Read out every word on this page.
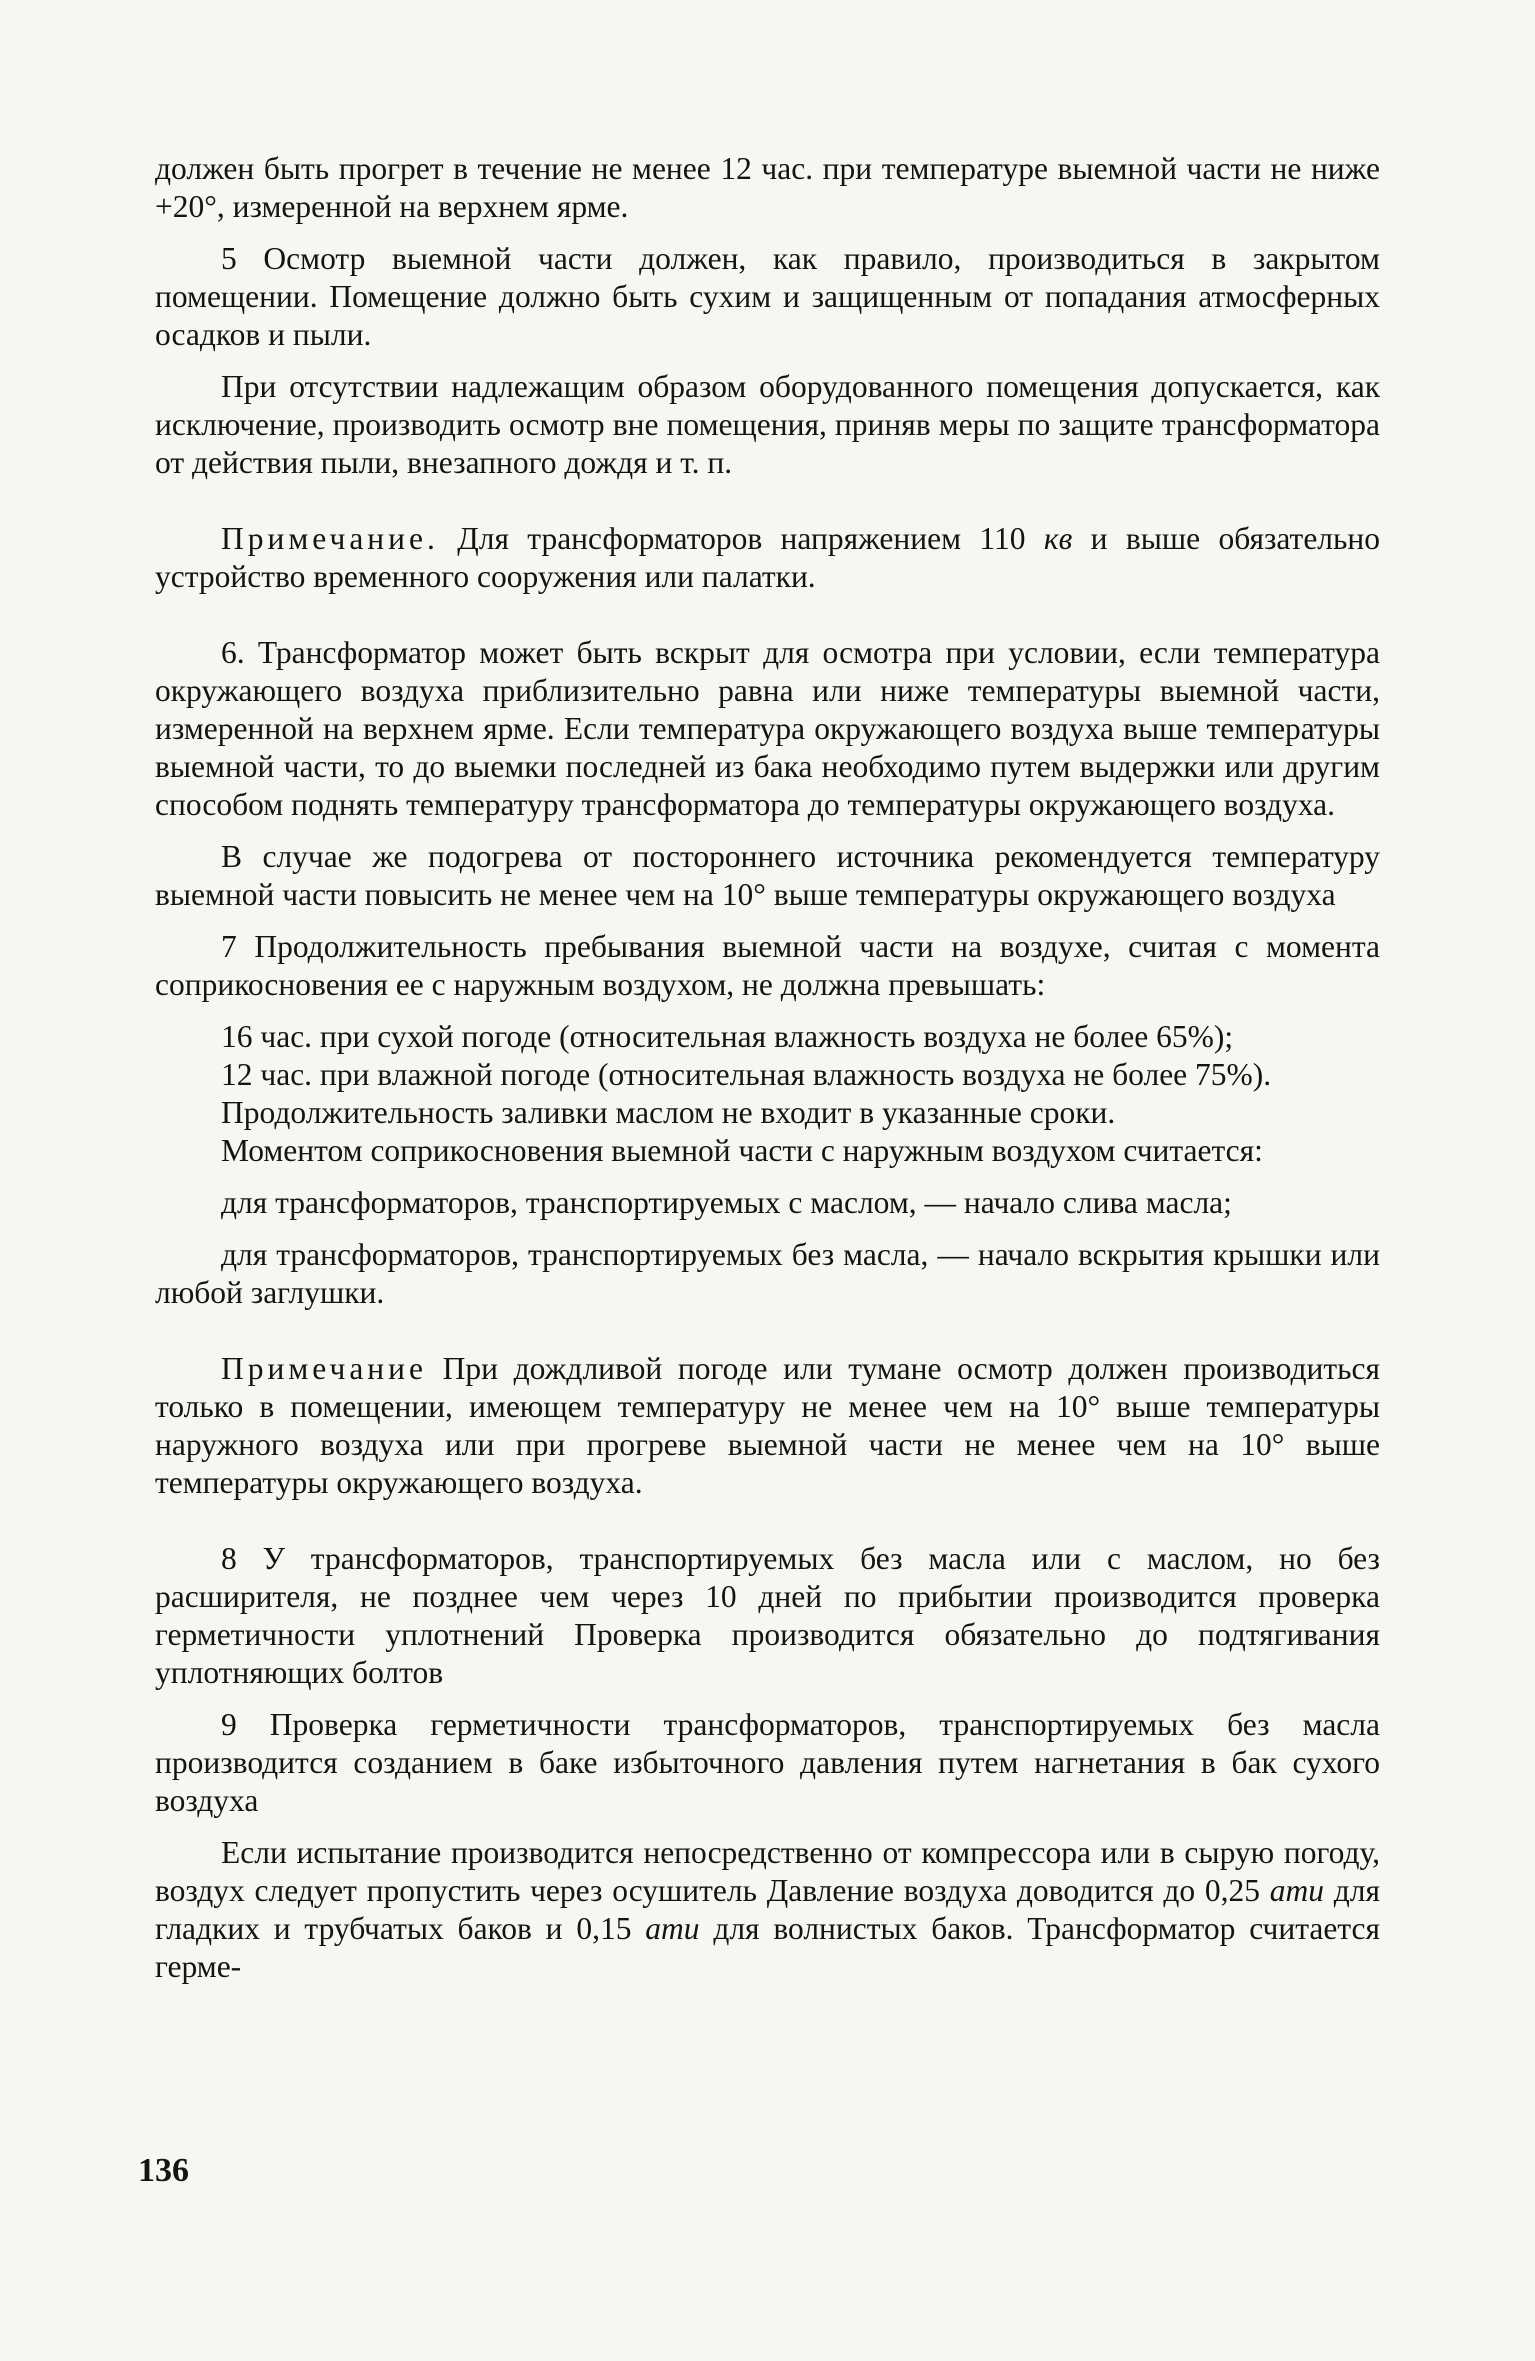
должен быть прогрет в течение не менее 12 час. при температуре выемной части не ниже +20°, измеренной на верхнем ярме.

5 Осмотр выемной части должен, как правило, производиться в закрытом помещении. Помещение должно быть сухим и защищенным от попадания атмосферных осадков и пыли.

При отсутствии надлежащим образом оборудованного помещения допускается, как исключение, производить осмотр вне помещения, приняв меры по защите трансформатора от действия пыли, внезапного дождя и т. п.

Примечание. Для трансформаторов напряжением 110 кв и выше обязательно устройство временного сооружения или палатки.

6. Трансформатор может быть вскрыт для осмотра при условии, если температура окружающего воздуха приблизительно равна или ниже температуры выемной части, измеренной на верхнем ярме. Если температура окружающего воздуха выше температуры выемной части, то до выемки последней из бака необходимо путем выдержки или другим способом поднять температуру трансформатора до температуры окружающего воздуха.

В случае же подогрева от постороннего источника рекомендуется температуру выемной части повысить не менее чем на 10° выше температуры окружающего воздуха

7 Продолжительность пребывания выемной части на воздухе, считая с момента соприкосновения ее с наружным воздухом, не должна превышать:

16 час. при сухой погоде (относительная влажность воздуха не более 65%);

12 час. при влажной погоде (относительная влажность воздуха не более 75%).

Продолжительность заливки маслом не входит в указанные сроки.

Моментом соприкосновения выемной части с наружным воздухом считается:

для трансформаторов, транспортируемых с маслом, — начало слива масла;

для трансформаторов, транспортируемых без масла, — начало вскрытия крышки или любой заглушки.

Примечание При дождливой погоде или тумане осмотр должен производиться только в помещении, имеющем температуру не менее чем на 10° выше температуры наружного воздуха или при прогреве выемной части не менее чем на 10° выше температуры окружающего воздуха.

8 У трансформаторов, транспортируемых без масла или с маслом, но без расширителя, не позднее чем через 10 дней по прибытии производится проверка герметичности уплотнений Проверка производится обязательно до подтягивания уплотняющих болтов

9 Проверка герметичности трансформаторов, транспортируемых без масла производится созданием в баке избыточного давления путем нагнетания в бак сухого воздуха

Если испытание производится непосредственно от компрессора или в сырую погоду, воздух следует пропустить через осушитель Давление воздуха доводится до 0,25 ати для гладких и трубчатых баков и 0,15 ати для волнистых баков. Трансформатор считается герме-

136
